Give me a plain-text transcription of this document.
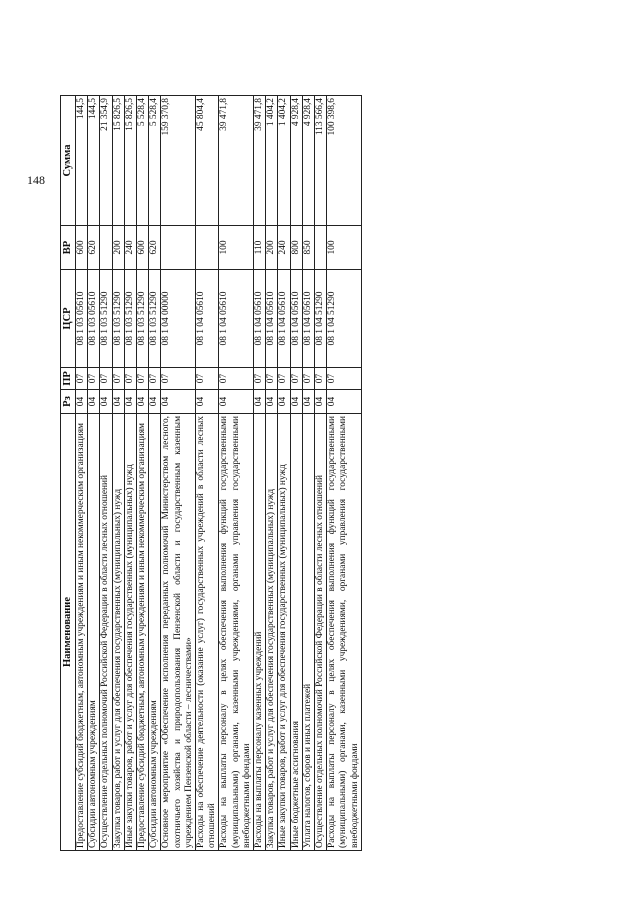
148
Наименование	Рз	ПР	ЦСР	ВР	Сумма
Предоставление субсидий бюджетным, автономным учреждениям и иным некоммерческим организациям	04	07	08 1 03 05610	600	144,5
Субсидии автономным учреждениям	04	07	08 1 03 05610	620	144,5
Осуществление отдельных полномочий Российской Федерации в области лесных отношений	04	07	08 1 03 51290		21 354,9
Закупка товаров, работ и услуг для обеспечения государственных (муниципальных) нужд	04	07	08 1 03 51290	200	15 826,5
Иные закупки товаров, работ и услуг для обеспечения государственных (муниципальных) нужд	04	07	08 1 03 51290	240	15 826,5
Предоставление субсидий бюджетным, автономным учреждениям и иным некоммерческим организациям	04	07	08 1 03 51290	600	5 528,4
Субсидии автономным учреждениям	04	07	08 1 03 51290	620	5 528,4
Основное мероприятие «Обеспечение исполнения переданных полномочий Министерством лесного, охотничьего хозяйства и природопользования Пензенской области и государственным казенным учреждением Пензенской области – лесничествами»	04	07	08 1 04 00000		159 370,8
Расходы на обеспечение деятельности (оказание услуг) государственных учреждений в области лесных отношений	04	07	08 1 04 05610		45 804,4
Расходы на выплаты персоналу в целях обеспечения выполнения функций государственными (муниципальными) органами, казенными учреждениями, органами управления государственными внебюджетными фондами	04	07	08 1 04 05610	100	39 471,8
Расходы на выплаты персоналу казенных учреждений	04	07	08 1 04 05610	110	39 471,8
Закупка товаров, работ и услуг для обеспечения государственных (муниципальных) нужд	04	07	08 1 04 05610	200	1 404,2
Иные закупки товаров, работ и услуг для обеспечения государственных (муниципальных) нужд	04	07	08 1 04 05610	240	1 404,2
Иные бюджетные ассигнования	04	07	08 1 04 05610	800	4 928,4
Уплата налогов, сборов и иных платежей	04	07	08 1 04 05610	850	4 928,4
Осуществление отдельных полномочий Российской Федерации в области лесных отношений	04	07	08 1 04 51290		113 566,4
Расходы на выплаты персоналу в целях обеспечения выполнения функций государственными (муниципальными) органами, казенными учреждениями, органами управления государственными внебюджетными фондами	04	07	08 1 04 51290	100	100 398,6
